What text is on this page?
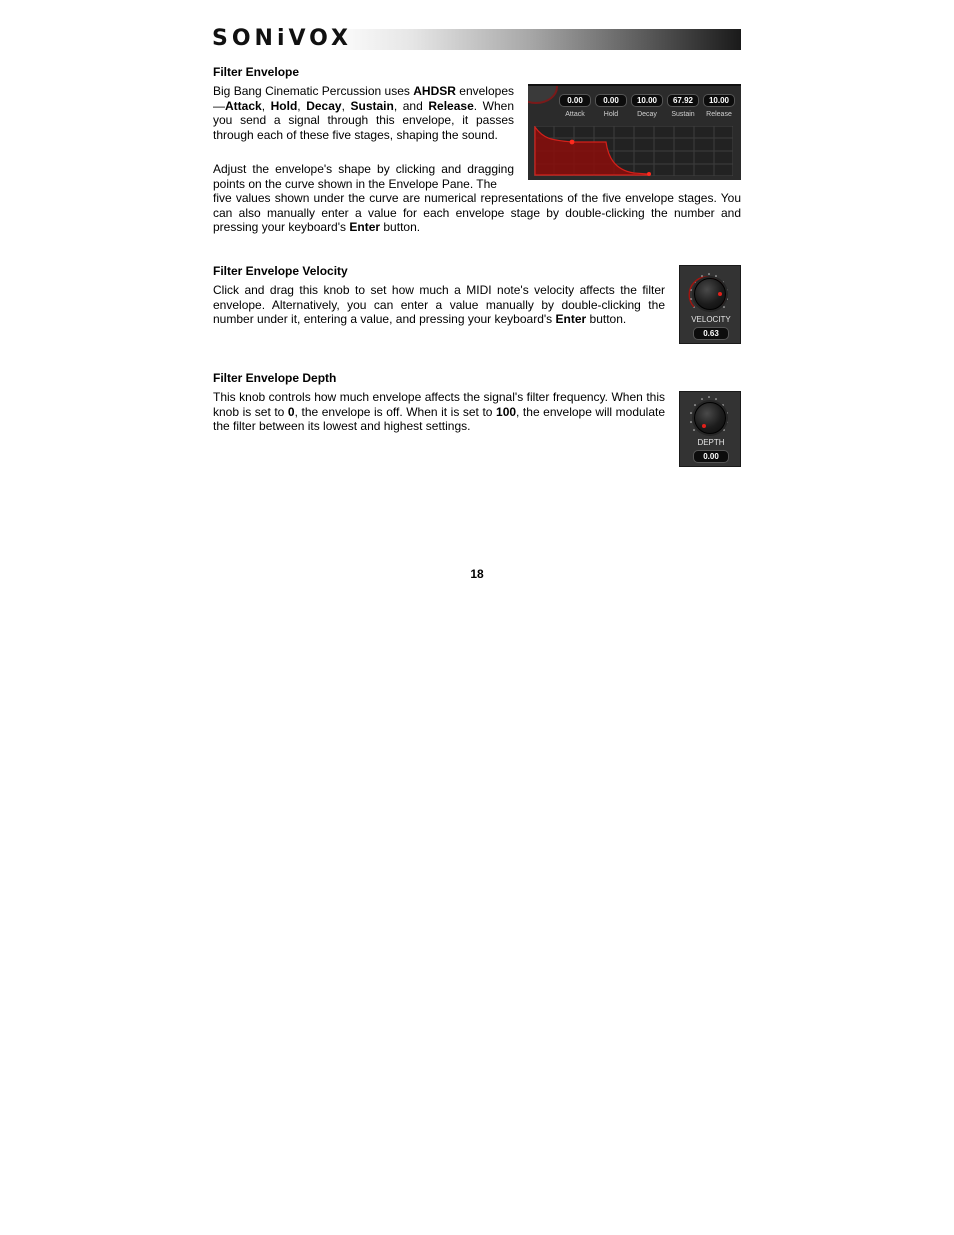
SONiVOX
Filter Envelope

Big Bang Cinematic Percussion uses AHDSR envelopes—Attack, Hold, Decay, Sustain, and Release. When you send a signal through this envelope, it passes through each of these five stages, shaping the sound.

Adjust the envelope's shape by clicking and dragging points on the curve shown in the Envelope Pane. The

five values shown under the curve are numerical representations of the five envelope stages. You can also manually enter a value for each envelope stage by double-clicking the number and pressing your keyboard's Enter button.

0.00
Attack
0.00
Hold
10.00
Decay
67.92
Sustain
10.00
Release
Filter Envelope Velocity

Click and drag this knob to set how much a MIDI note's velocity affects the filter envelope. Alternatively, you can enter a value manually by double-clicking the number under it, entering a value, and pressing your keyboard's Enter button.	VELOCITY
0.63
Filter Envelope Depth

This knob controls how much envelope affects the signal's filter frequency. When this knob is set to 0, the envelope is off. When it is set to 100, the envelope will modulate the filter between its lowest and highest settings.

DEPTH
0.00
18
